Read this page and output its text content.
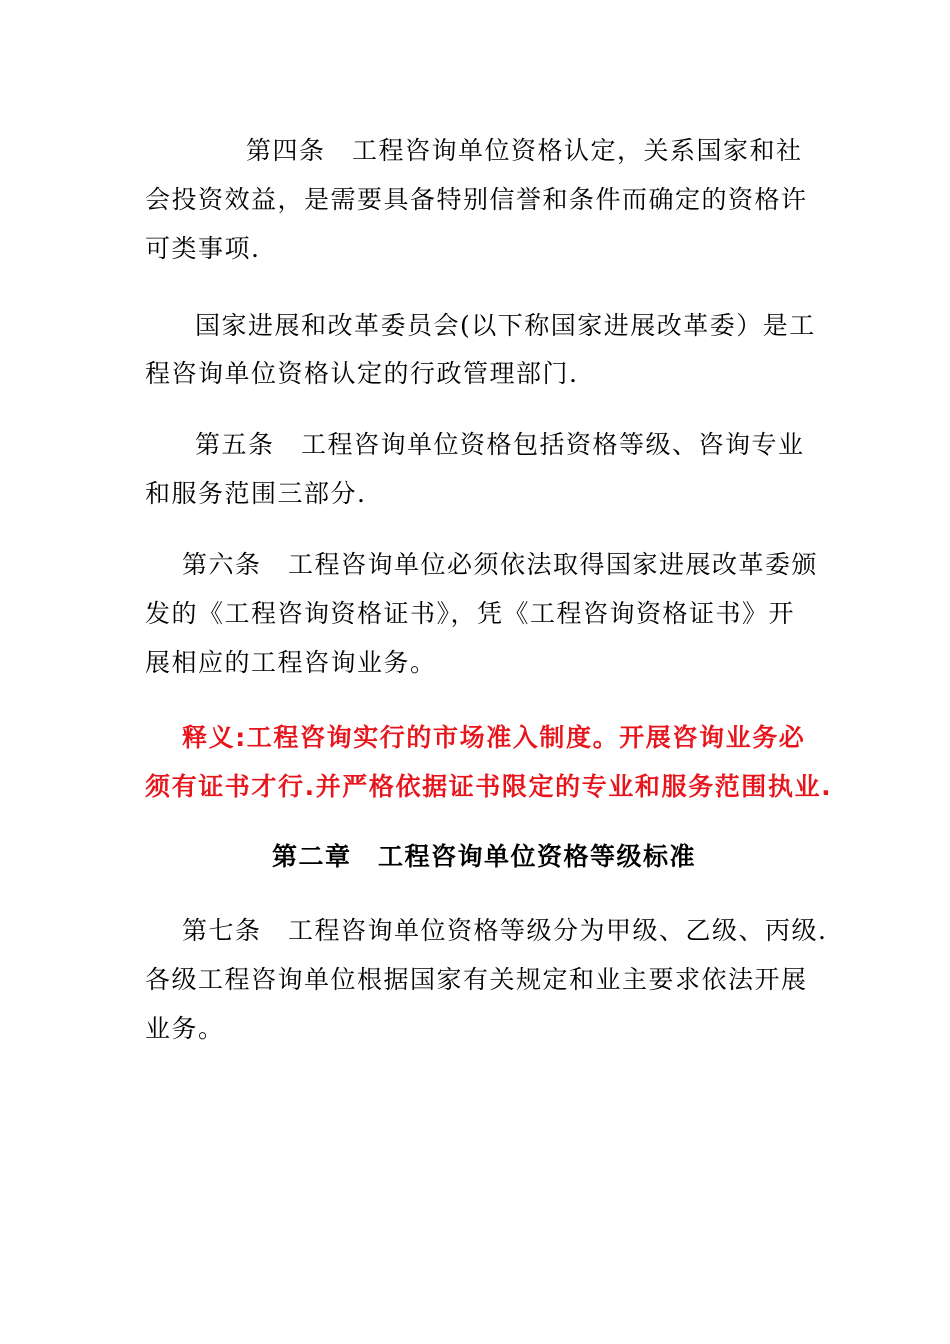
第四条　工程咨询单位资格认定，关系国家和社
会投资效益，是需要具备特别信誉和条件而确定的资格许
可类事项.
国家进展和改革委员会(以下称国家进展改革委）是工
程咨询单位资格认定的行政管理部门.
第五条　工程咨询单位资格包括资格等级、咨询专业
和服务范围三部分.
第六条　工程咨询单位必须依法取得国家进展改革委颁
发的《工程咨询资格证书》，凭《工程咨询资格证书》开
展相应的工程咨询业务。
释义:工程咨询实行的市场准入制度。开展咨询业务必
须有证书才行.并严格依据证书限定的专业和服务范围执业.
第二章　工程咨询单位资格等级标准
第七条　工程咨询单位资格等级分为甲级、乙级、丙级.
各级工程咨询单位根据国家有关规定和业主要求依法开展
业务。
